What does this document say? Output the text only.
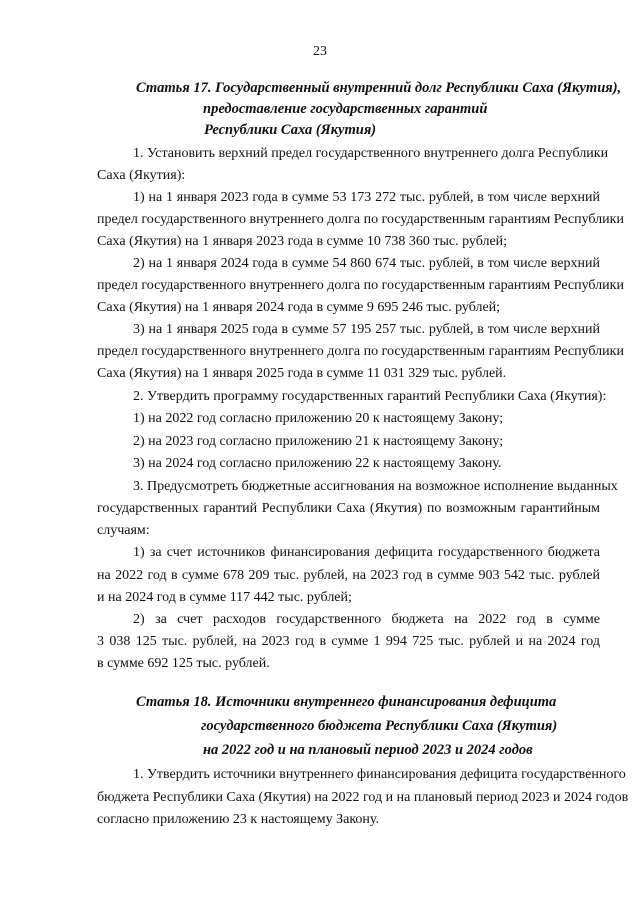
23
Статья 17. Государственный внутренний долг Республики Саха (Якутия),
предоставление государственных гарантий
Республики Саха (Якутия)
1. Установить верхний предел государственного внутреннего долга Республики
Саха (Якутия):
1) на 1 января 2023 года в сумме 53 173 272 тыс. рублей, в том числе верхний
предел государственного внутреннего долга по государственным гарантиям Республики
Саха (Якутия) на 1 января 2023 года в сумме 10 738 360 тыс. рублей;
2) на 1 января 2024 года в сумме 54 860 674 тыс. рублей, в том числе верхний
предел государственного внутреннего долга по государственным гарантиям Республики
Саха (Якутия) на 1 января 2024 года в сумме 9 695 246 тыс. рублей;
3) на 1 января 2025 года в сумме 57 195 257 тыс. рублей, в том числе верхний
предел государственного внутреннего долга по государственным гарантиям Республики
Саха (Якутия) на 1 января 2025 года в сумме 11 031 329 тыс. рублей.
2. Утвердить программу государственных гарантий Республики Саха (Якутия):
1) на 2022 год согласно приложению 20 к настоящему Закону;
2) на 2023 год согласно приложению 21 к настоящему Закону;
3) на 2024 год согласно приложению 22 к настоящему Закону.
3. Предусмотреть бюджетные ассигнования на возможное исполнение выданных
государственных гарантий Республики Саха (Якутия) по возможным гарантийным
случаям:
1) за счет источников финансирования дефицита государственного бюджета
на 2022 год в сумме 678 209 тыс. рублей, на 2023 год в сумме 903 542 тыс. рублей
и на 2024 год в сумме 117 442 тыс. рублей;
2) за счет расходов государственного бюджета на 2022 год в сумме
3 038 125 тыс. рублей, на 2023 год в сумме 1 994 725 тыс. рублей и на 2024 год
в сумме 692 125 тыс. рублей.
Статья 18. Источники внутреннего финансирования дефицита
государственного бюджета Республики Саха (Якутия)
на 2022 год и на плановый период 2023 и 2024 годов
1. Утвердить источники внутреннего финансирования дефицита государственного
бюджета Республики Саха (Якутия) на 2022 год и на плановый период 2023 и 2024 годов
согласно приложению 23 к настоящему Закону.
